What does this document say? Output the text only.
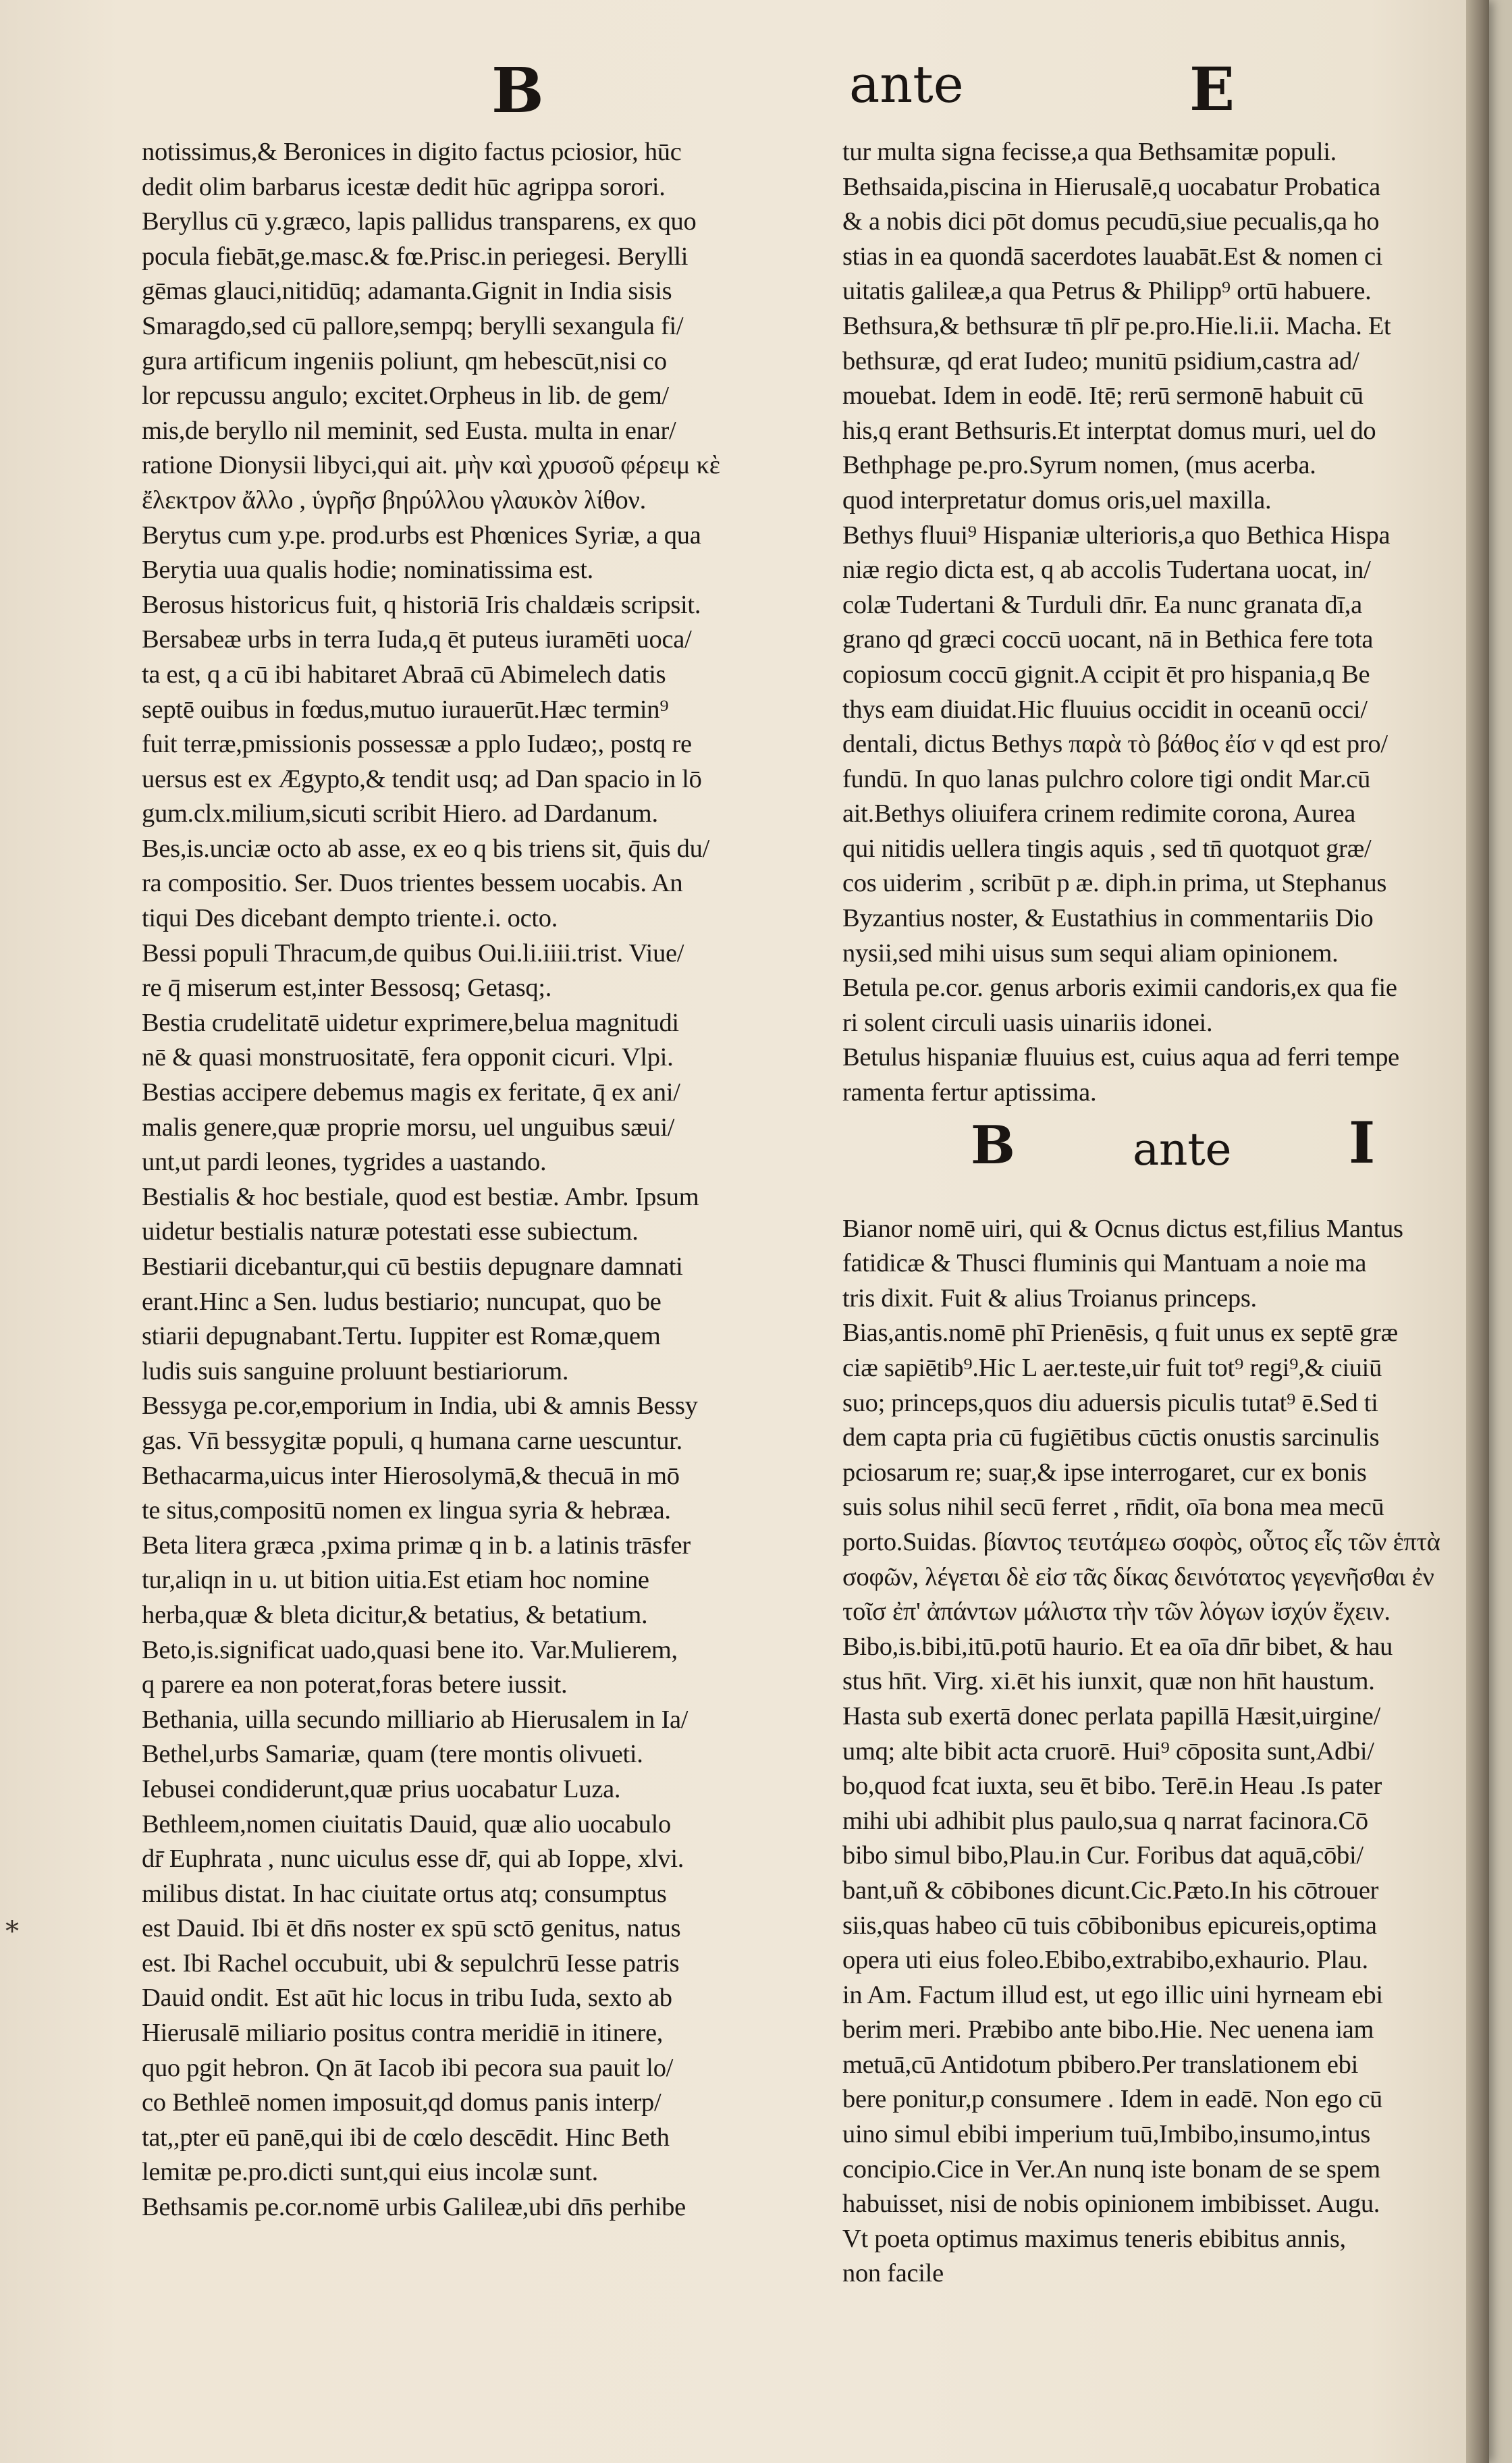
B	ante	E
notissimus,& Beronices in digito factus pciosior, hūc
dedit olim barbarus icestæ dedit hūc agrippa sorori.
Beryllus cū y.græco, lapis pallidus transparens, ex quo
pocula fiebāt,ge.masc.& fœ.Prisc.in periegesi. Berylli
gēmas glauci,nitidūq; adamanta.Gignit in India sisis
Smaragdo,sed cū pallore,sempq; berylli sexangula fi/
gura artificum ingeniis poliunt, qm hebescūt,nisi co
lor repcussu angulo; excitet.Orpheus in lib. de gem/
mis,de beryllo nil meminit, sed Eusta. multa in enar/
ratione Dionysii libyci,qui ait. μὴν καὶ χρυσοῦ φέρειμ κὲ
ἔλεκτρον ἄλλο , ὑγρῆσ βηρύλλου γλαυκὸν λίθον.
Berytus cum y.pe. prod.urbs est Phœnices Syriæ, a qua
Berytia uua qualis hodie; nominatissima est.
Berosus historicus fuit, q historiā Iris chaldæis scripsit.
Bersabeæ urbs in terra Iuda,q ēt puteus iuramēti uoca/
ta est, q a cū ibi habitaret Abraā cū Abimelech datis
septē ouibus in fœdus,mutuo iurauerūt.Hæc termin⁹
fuit terræ,pmissionis possessæ a pplo Iudæo;, postq re
uersus est ex Ægypto,& tendit usq; ad Dan spacio in lō
gum.clx.milium,sicuti scribit Hiero. ad Dardanum.
Bes,is.unciæ octo ab asse, ex eo q bis triens sit, q̄uis du/
ra compositio. Ser. Duos trientes bessem uocabis. An
tiqui Des dicebant dempto triente.i. octo.
Bessi populi Thracum,de quibus Oui.li.iiii.trist. Viue/
re q̄ miserum est,inter Bessosq; Getasq;.
Bestia crudelitatē uidetur exprimere,belua magnitudi
nē & quasi monstruositatē, fera opponit cicuri. Vlpi.
Bestias accipere debemus magis ex feritate, q̄ ex ani/
malis genere,quæ proprie morsu, uel unguibus sæui/
unt,ut pardi leones, tygrides a uastando.
Bestialis & hoc bestiale, quod est bestiæ. Ambr. Ipsum
uidetur bestialis naturæ potestati esse subiectum.
Bestiarii dicebantur,qui cū bestiis depugnare damnati
erant.Hinc a Sen. ludus bestiario; nuncupat, quo be
stiarii depugnabant.Tertu. Iuppiter est Romæ,quem
ludis suis sanguine proluunt bestiariorum.
Bessyga pe.cor,emporium in India, ubi & amnis Bessy
gas. Vn̄ bessygitæ populi, q humana carne uescuntur.
Bethacarma,uicus inter Hierosolymā,& thecuā in mō
te situs,compositū nomen ex lingua syria & hebræa.
Beta litera græca ,pxima primæ q in b. a latinis trāsfer
tur,aliqn in u. ut bition uitia.Est etiam hoc nomine
herba,quæ & bleta dicitur,& betatius, & betatium.
Beto,is.significat uado,quasi bene ito. Var.Mulierem,
q parere ea non poterat,foras betere iussit.
Bethania, uilla secundo milliario ab Hierusalem in Ia/
Bethel,urbs Samariæ, quam (tere montis olivueti.
Iebusei condiderunt,quæ prius uocabatur Luza.
Bethleem,nomen ciuitatis Dauid, quæ alio uocabulo
dr̄ Euphrata , nunc uiculus esse dr̄, qui ab Ioppe, xlvi.
milibus distat. In hac ciuitate ortus atq; consumptus
est Dauid. Ibi ēt dn̄s noster ex spū sctō genitus, natus
est. Ibi Rachel occubuit, ubi & sepulchrū Iesse patris
Dauid ondit. Est aūt hic locus in tribu Iuda, sexto ab
Hierusalē miliario positus contra meridiē in itinere,
quo pgit hebron. Qn āt Iacob ibi pecora sua pauit lo/
co Bethleē nomen imposuit,qd domus panis interp/
tat,,pter eū panē,qui ibi de cœlo descēdit. Hinc Beth
lemitæ pe.pro.dicti sunt,qui eius incolæ sunt.
Bethsamis pe.cor.nomē urbis Galileæ,ubi dn̄s perhibe
tur multa signa fecisse,a qua Bethsamitæ populi.
Bethsaida,piscina in Hierusalē,q uocabatur Probatica
& a nobis dici pōt domus pecudū,siue pecualis,qa ho
stias in ea quondā sacerdotes lauabāt.Est & nomen ci
uitatis galileæ,a qua Petrus & Philipp⁹ ortū habuere.
Bethsura,& bethsuræ tn̄ plr̄ pe.pro.Hie.li.ii. Macha. Et
bethsuræ, qd erat Iudeo; munitū psidium,castra ad/
mouebat. Idem in eodē. Itē; rerū sermonē habuit cū
his,q erant Bethsuris.Et interptat domus muri, uel do
Bethphage pe.pro.Syrum nomen, (mus acerba.
quod interpretatur domus oris,uel maxilla.
Bethys fluui⁹ Hispaniæ ulterioris,a quo Bethica Hispa
niæ regio dicta est, q ab accolis Tudertana uocat, in/
colæ Tudertani & Turduli dn̄r. Ea nunc granata dī,a
grano qd græci coccū uocant, nā in Bethica fere tota
copiosum coccū gignit.A ccipit ēt pro hispania,q Be
thys eam diuidat.Hic fluuius occidit in oceanū occi/
dentali, dictus Bethys παρὰ τὸ βάθος ἐίσ ν qd est pro/
fundū. In quo lanas pulchro colore tigi ondit Mar.cū
ait.Bethys oliuifera crinem redimite corona, Aurea
qui nitidis uellera tingis aquis , sed tn̄ quotquot græ/
cos uiderim , scribūt p æ. diph.in prima, ut Stephanus
Byzantius noster, & Eustathius in commentariis Dio
nysii,sed mihi uisus sum sequi aliam opinionem.
Betula pe.cor. genus arboris eximii candoris,ex qua fie
ri solent circuli uasis uinariis idonei.
Betulus hispaniæ fluuius est, cuius aqua ad ferri tempe
ramenta fertur aptissima.
B	ante I
Bianor nomē uiri, qui & Ocnus dictus est,filius Mantus
fatidicæ & Thusci fluminis qui Mantuam a noie ma
tris dixit. Fuit & alius Troianus princeps.
Bias,antis.nomē phī Prienēsis, q fuit unus ex septē græ
ciæ sapiētib⁹.Hic L aer.teste,uir fuit tot⁹ regi⁹,& ciuiū
suo; princeps,quos diu aduersis piculis tutat⁹ ē.Sed ti
dem capta pria cū fugiētibus cūctis onustis sarcinulis
pciosarum re; suaṛ,& ipse interrogaret, cur ex bonis
suis solus nihil secū ferret , rn̄dit, oīa bona mea mecū
porto.Suidas. βίαντος τευτάμεω σοφὸς, οὗτος εἷς τῶν ἑπτὰ
σοφῶν, λέγεται δὲ εἰσ τᾶς δίκας δεινότατος γεγενῆσθαι ἐν
τοῖσ ἐπ' ἀπάντων μάλιστα τὴν τῶν λόγων ἰσχύν ἔχειν.
Bibo,is.bibi,itū.potū haurio. Et ea oīa dn̄r bibet, & hau
stus hn̄t. Virg. xi.ēt his iunxit, quæ non hn̄t haustum.
Hasta sub exertā donec perlata papillā Hæsit,uirgine/
umq; alte bibit acta cruorē. Hui⁹ cōposita sunt,Adbi/
bo,quod fcat iuxta, seu ēt bibo. Terē.in Heau .Is pater
mihi ubi adhibit plus paulo,sua q narrat facinora.Cō
bibo simul bibo,Plau.in Cur. Foribus dat aquā,cōbi/
bant,uñ & cōbibones dicunt.Cic.Pæto.In his cōtrouer
siis,quas habeo cū tuis cōbibonibus epicureis,optima
opera uti eius foleo.Ebibo,extrabibo,exhaurio. Plau.
in Am. Factum illud est, ut ego illic uini hyrneam ebi
berim meri. Præbibo ante bibo.Hie. Nec uenena iam
metuā,cū Antidotum pbibero.Per translationem ebi
bere ponitur,p consumere . Idem in eadē. Non ego cū
uino simul ebibi imperium tuū,Imbibo,insumo,intus
concipio.Cice in Ver.An nunq iste bonam de se spem
habuisset, nisi de nobis opinionem imbibisset. Augu.
Vt poeta optimus maximus teneris ebibitus annis,
non facile
*
